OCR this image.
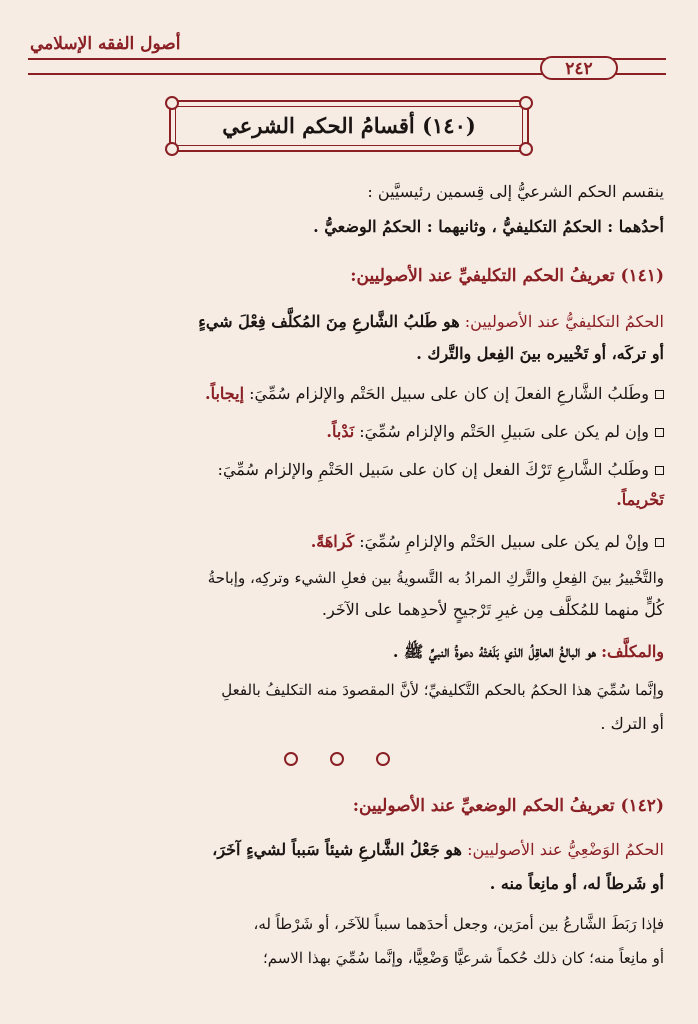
أصول الفقه الإسلامي
٢٤٢
(١٤٠) أقسامُ الحكم الشرعي
ينقسم الحكم الشرعيُّ إلى قِسمين رئيسيَّين :
أحدُهما : الحكمُ التكليفيُّ ، وثانيهما : الحكمُ الوضعيُّ .
(١٤١) تعريفُ الحكم التكليفيِّ عند الأصوليين:
الحكمُ التكليفيُّ عند الأصوليين: هو طَلبُ الشَّارعِ مِنَ المُكلَّف فِعْلَ شيءٍ
أو تركَه، أو تَخْييره بينَ الفِعل والتَّرك .
وطَلبُ الشَّارعِ الفعلَ إن كان على سبيل الحَتْم والإلزام سُمِّيَ: إيجاباً.
وإن لم يكن على سَبيلِ الحَتْم والإلزام سُمِّيَ: نَدْباً.
وطَلبُ الشَّارعِ تَرْكَ الفعل إن كان على سَبيل الحَتْمِ والإلزام سُمِّيَ:
تَحْريماً.
وإنْ لم يكن على سبيل الحَتْم والإلزامِ سُمِّيَ: كَراهَةً.
والتَّخْييرُ بينَ الفِعلِ والتَّركِ المرادُ به التَّسويةُ بين فعلِ الشيء وتركِه، وإباحةُ
كُلٍّ منهما للمُكلَّف مِن غيرِ تَرْجيحٍ لأحدِهما على الآخَر.
والمكلَّف: هو البالغُ العاقِلُ الذي بَلَغتْهُ دعوةُ النبيِّ ﷺ .
وإنَّما سُمِّيَ هذا الحكمُ بالحكم التَّكليفيِّ؛ لأنَّ المقصودَ منه التكليفُ بالفعلِ
أو الترك .
(١٤٢) تعريفُ الحكم الوضعيِّ عند الأصوليين:
الحكمُ الوَضْعِيُّ عند الأصوليين: هو جَعْلُ الشَّارعِ شيئاً سَبباً لشيءٍ آخَرَ،
أو شَرطاً له، أو مانِعاً منه .
فإذا رَبَطَ الشَّارعُ بين أمرَين، وجعل أحدَهما سبباً للآخَر، أو شَرْطاً له،
أو مانِعاً منه؛ كان ذلك حُكماً شرعيًّا وَضْعِيًّا، وإنَّما سُمِّيَ بهذا الاسم؛
